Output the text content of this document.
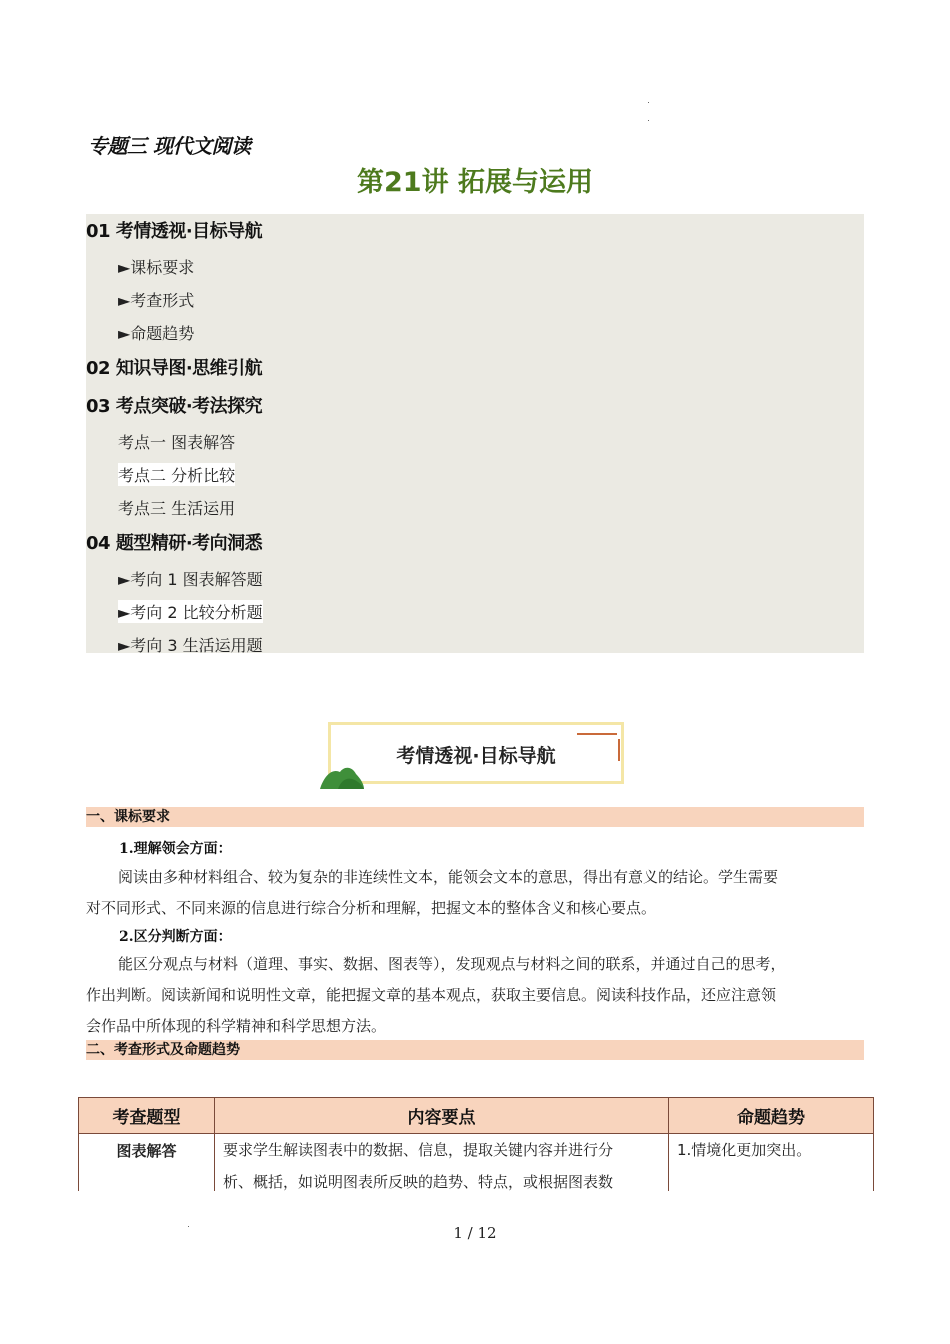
专题三 现代文阅读
第21讲 拓展与运用
01 考情透视·目标导航
►课标要求
►考查形式
►命题趋势
02 知识导图·思维引航
03 考点突破·考法探究
考点一 图表解答
考点二 分析比较
考点三 生活运用
04 题型精研·考向洞悉
►考向 1 图表解答题
►考向 2 比较分析题
►考向 3 生活运用题
考情透视·目标导航
一、课标要求
1.理解领会方面：
阅读由多种材料组合、较为复杂的非连续性文本，能领会文本的意思，得出有意义的结论。学生需要
对不同形式、不同来源的信息进行综合分析和理解，把握文本的整体含义和核心要点。
2.区分判断方面：
能区分观点与材料（道理、事实、数据、图表等），发现观点与材料之间的联系，并通过自己的思考，
作出判断。阅读新闻和说明性文章，能把握文章的基本观点，获取主要信息。阅读科技作品，还应注意领
会作品中所体现的科学精神和科学思想方法。
二、考查形式及命题趋势
考查题型	内容要点	命题趋势
图表解答	要求学生解读图表中的数据、信息，提取关键内容并进行分
析、概括，如说明图表所反映的趋势、特点，或根据图表数	1.情境化更加突出。
1 / 12
